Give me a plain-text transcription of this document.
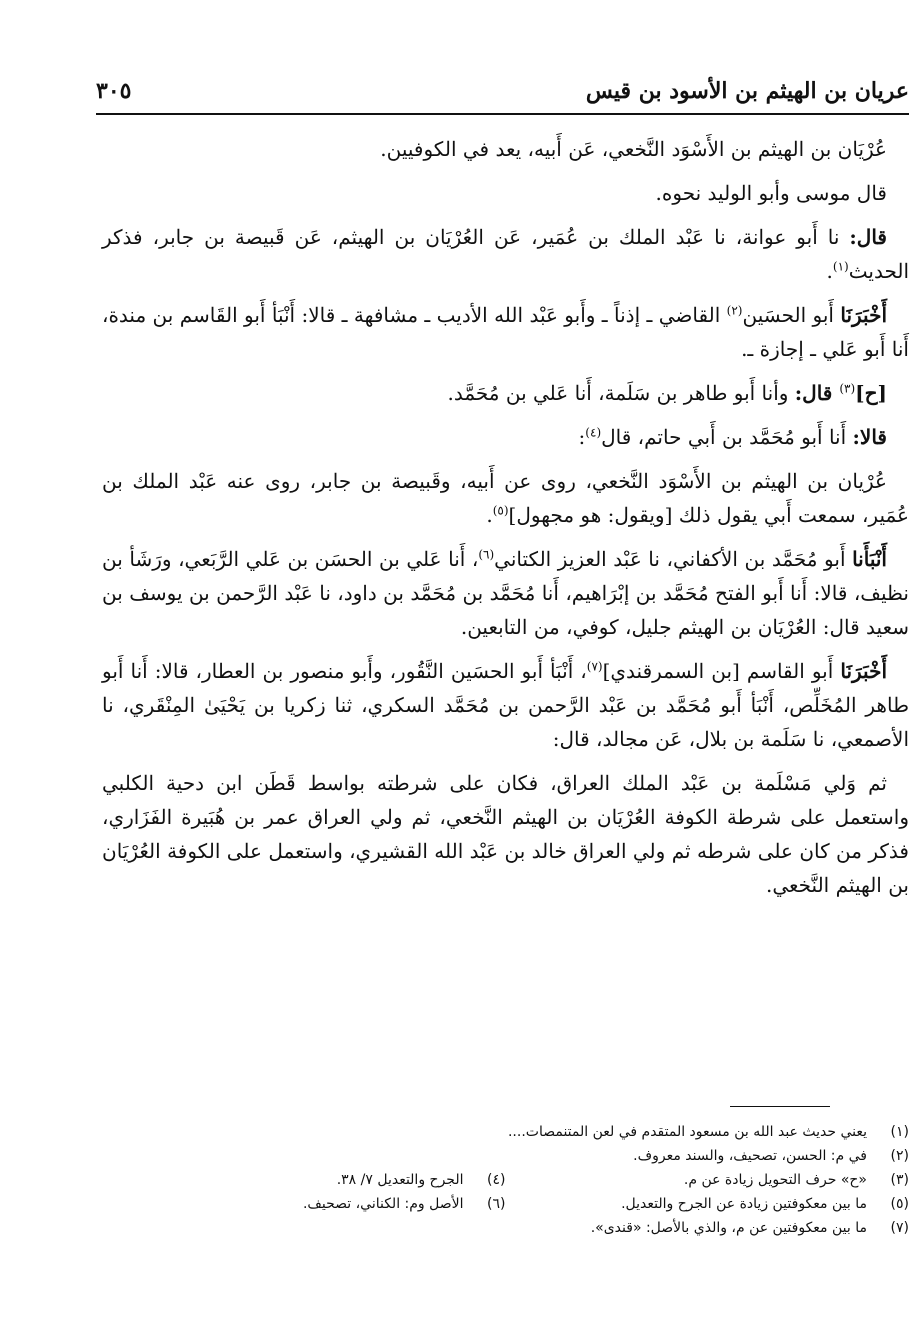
عريان بن الهيثم بن الأسود بن قيس
٣٠٥

عُرْيَان بن الهيثم بن الأَسْوَد النَّخعي، عَن أَبيه، يعد في الكوفيين.

قال موسى وأبو الوليد نحوه.

قال: نا أَبو عوانة، نا عَبْد الملك بن عُمَير، عَن العُرْيَان بن الهيثم، عَن قَبيصة بن جابر، فذكر الحديث$^{(١)}$.

أَخْبَرَنَا أَبو الحسَين$^{(٢)}$ القاضي ـ إذناً ـ وأَبو عَبْد الله الأديب ـ مشافهة ـ قالا: أَنْبَأ أَبو القَاسم بن مندة، أَنا أَبو عَلي ـ إجازة ـ.

[ح]$^{(٣)}$ قال: وأنا أَبو طاهر بن سَلَمة، أَنا عَلي بن مُحَمَّد.

قالا: أَنا أَبو مُحَمَّد بن أَبي حاتم، قال$^{(٤)}$:

عُرْيان بن الهيثم بن الأَسْوَد النَّخعي، روى عن أَبيه، وقَبيصة بن جابر، روى عنه عَبْد الملك بن عُمَير، سمعت أَبي يقول ذلك [ويقول: هو مجهول]$^{(٥)}$.

أَنْبَأَنا أَبو مُحَمَّد بن الأكفاني، نا عَبْد العزيز الكتاني$^{(٦)}$، أَنا عَلي بن الحسَن بن عَلي الرَّبَعي، ورَشَأ بن نظيف، قالا: أَنا أَبو الفتح مُحَمَّد بن إبْرَاهيم، أَنا مُحَمَّد بن مُحَمَّد بن داود، نا عَبْد الرَّحمن بن يوسف بن سعيد قال: العُرْيَان بن الهيثم جليل، كوفي، من التابعين.

أَخْبَرَنَا أَبو القاسم [بن السمرقندي]$^{(٧)}$، أَنْبَأ أَبو الحسَين النَّقُور، وأَبو منصور بن العطار، قالا: أَنا أَبو طاهر المُخَلِّص، أَنْبَأ أَبو مُحَمَّد بن عَبْد الرَّحمن بن مُحَمَّد السكري، ثنا زكريا بن يَحْيَىٰ المِنْقَري، نا الأصمعي، نا سَلَمة بن بلال، عَن مجالد، قال:

ثم وَلي مَسْلَمة بن عَبْد الملك العراق، فكان على شرطته بواسط قَطَن ابن دحية الكلبي واستعمل على شرطة الكوفة العُرْيَان بن الهيثم النَّخعي، ثم ولي العراق عمر بن هُبَيرة الفَزَاري، فذكر من كان على شرطه ثم ولي العراق خالد بن عَبْد الله القشيري، واستعمل على الكوفة العُرْيَان بن الهيثم النَّخعي.

(١)يعني حديث عبد الله بن مسعود المتقدم في لعن المتنمصات....
(٢)في م: الحسن، تصحيف، والسند معروف.
(٣)«ح» حرف التحويل زيادة عن م.
(٤)الجرح والتعديل ٧/ ٣٨.
(٥)ما بين معكوفتين زيادة عن الجرح والتعديل.
(٦)الأصل وم: الكناني، تصحيف.
(٧)ما بين معكوفتين عن م، والذي بالأصل: «قندى».
